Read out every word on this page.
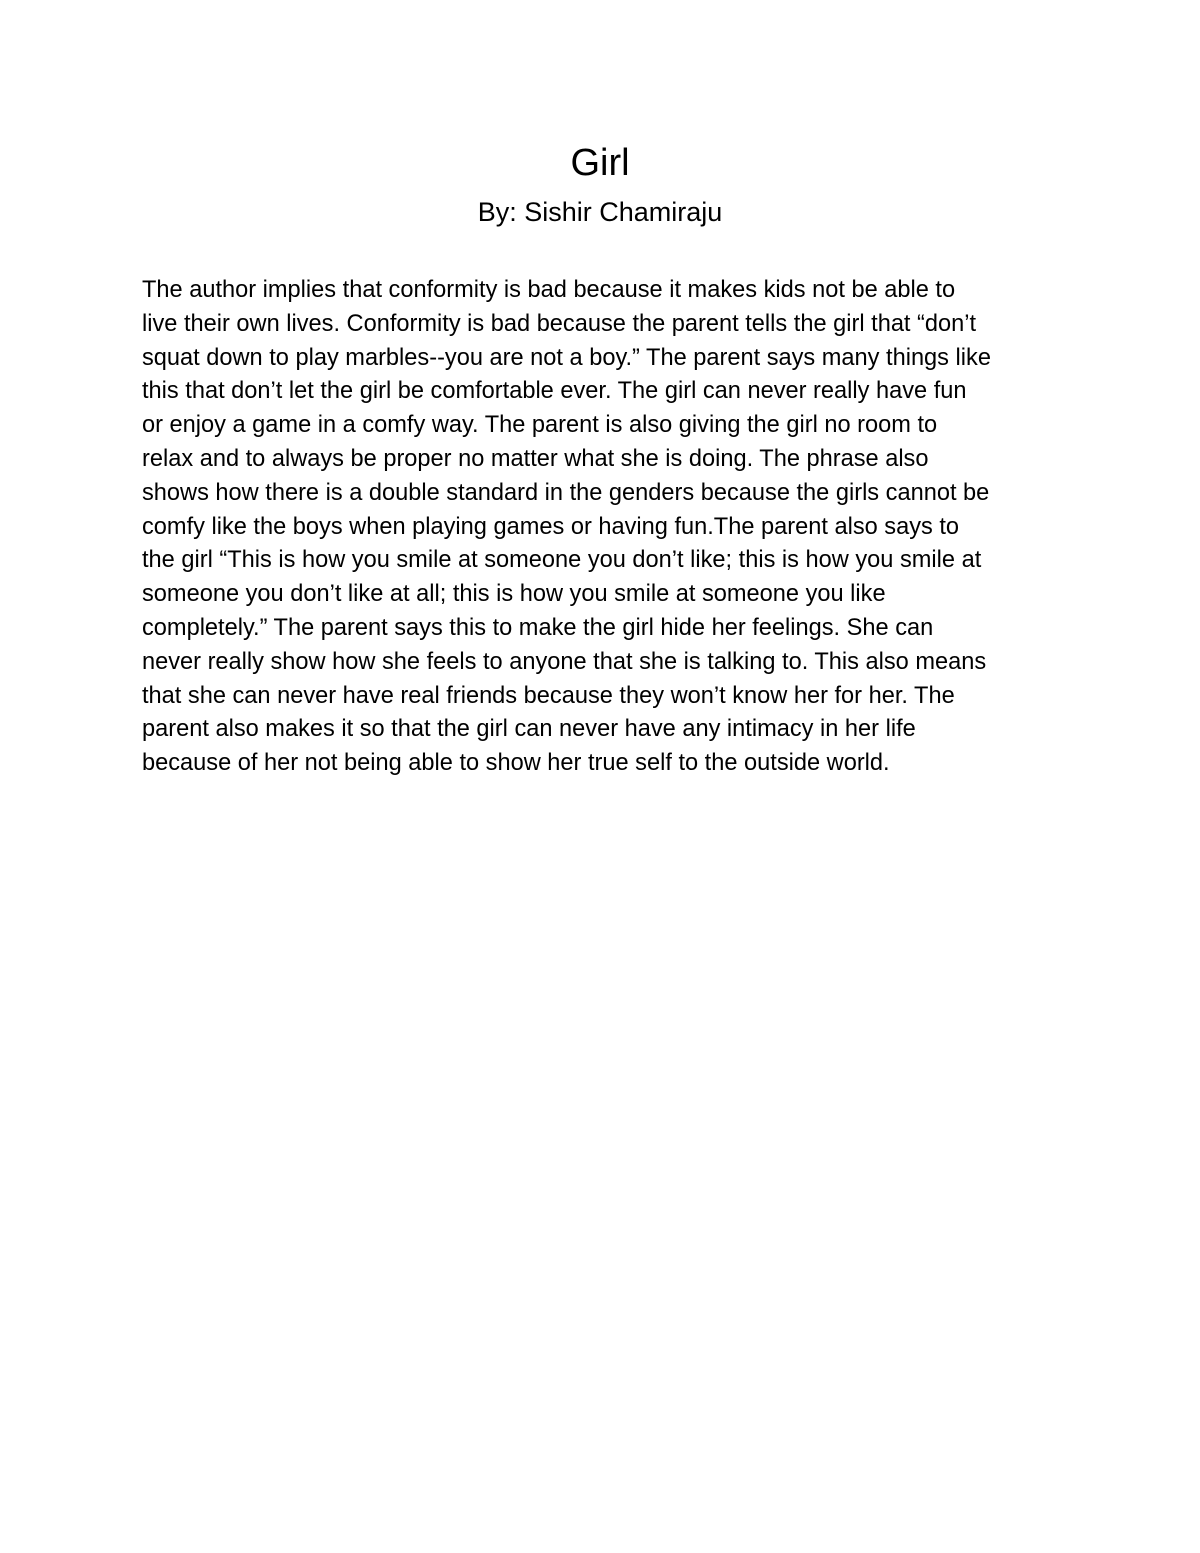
Girl

By: Sishir Chamiraju

The author implies that conformity is bad because it makes kids not be able to
live their own lives. Conformity is bad because the parent tells the girl that “don’t
squat down to play marbles--you are not a boy.” The parent says many things like
this that don’t let the girl be comfortable ever. The girl can never really have fun
or enjoy a game in a comfy way. The parent is also giving the girl no room to
relax and to always be proper no matter what she is doing. The phrase also
shows how there is a double standard in the genders because the girls cannot be
comfy like the boys when playing games or having fun.The parent also says to
the girl “This is how you smile at someone you don’t like; this is how you smile at
someone you don’t like at all; this is how you smile at someone you like
completely.” The parent says this to make the girl hide her feelings. She can
never really show how she feels to anyone that she is talking to. This also means
that she can never have real friends because they won’t know her for her. The
parent also makes it so that the girl can never have any intimacy in her life
because of her not being able to show her true self to the outside world.
